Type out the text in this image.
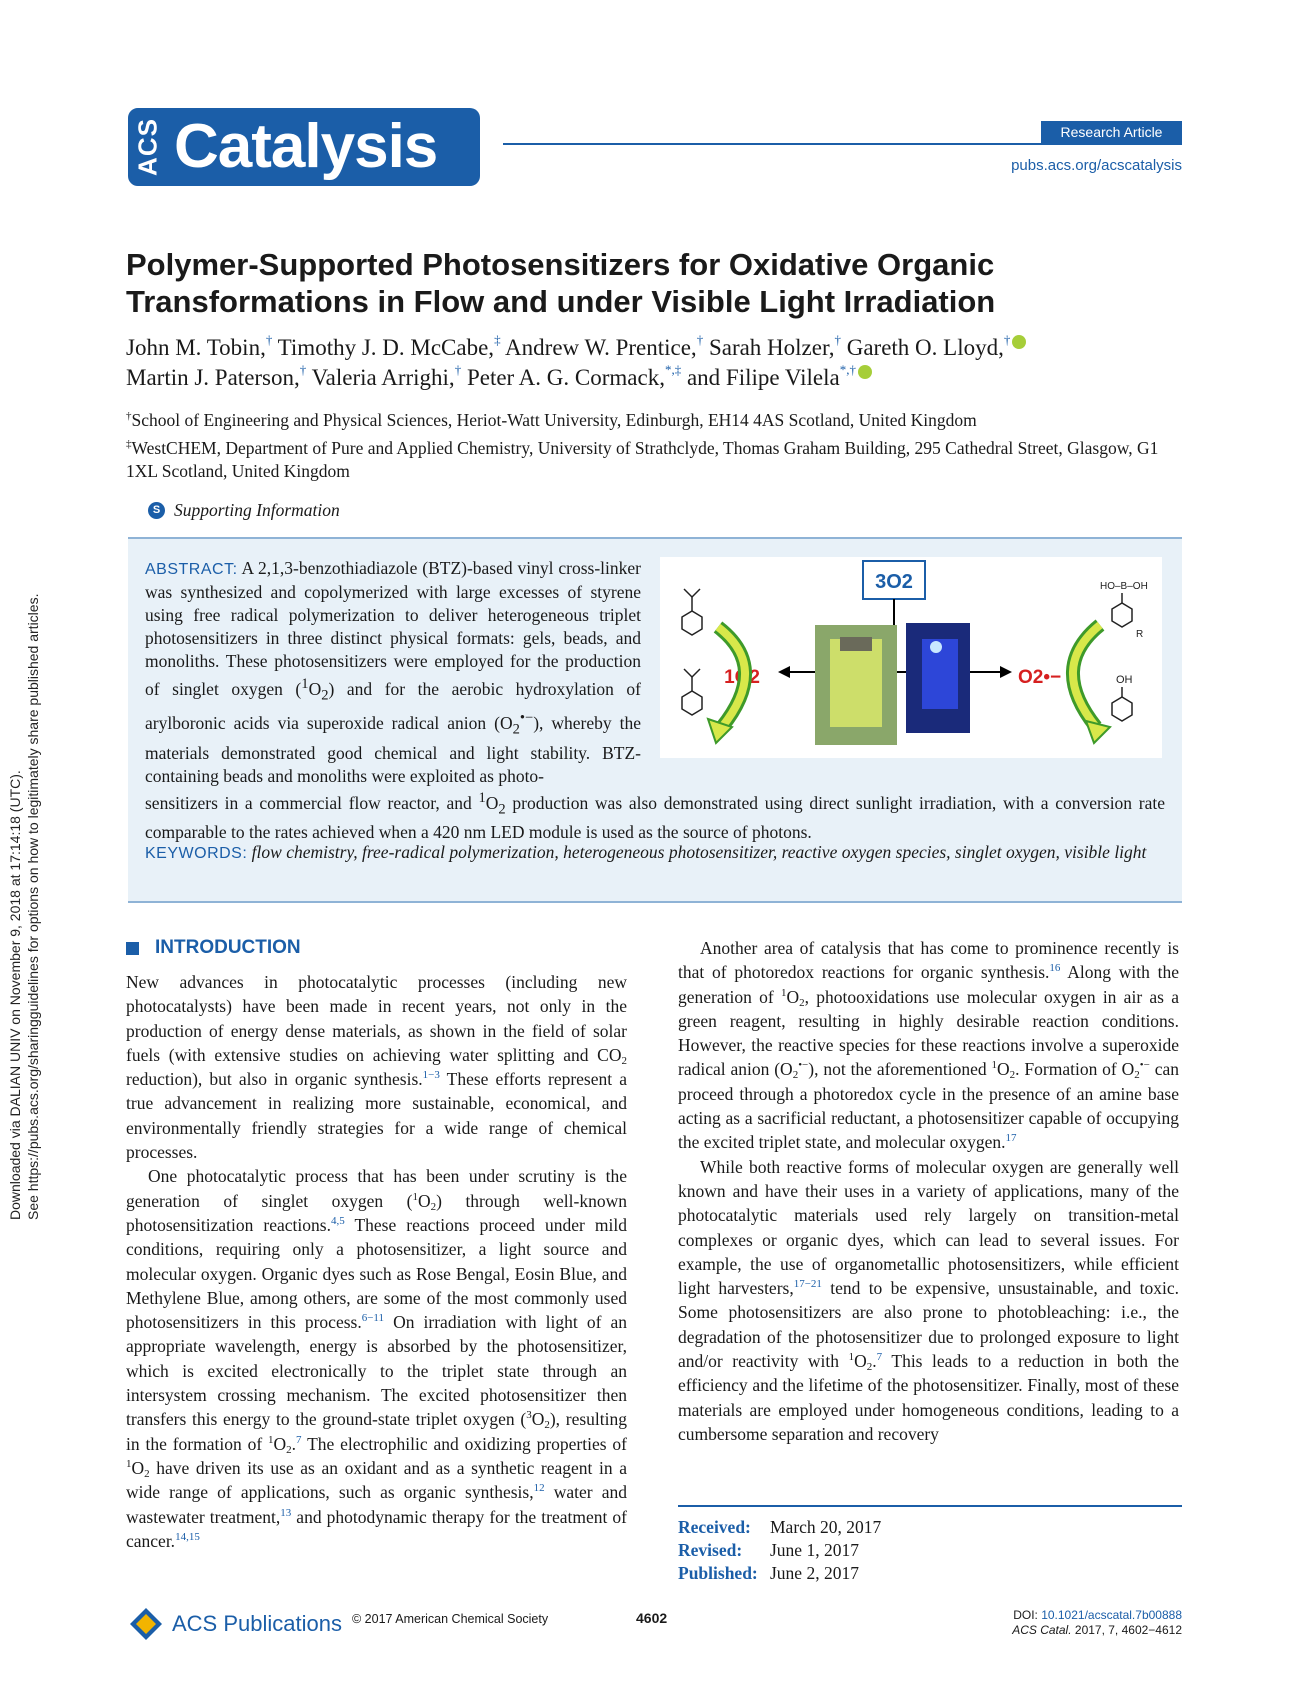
Downloaded via DALIAN UNIV on November 9, 2018 at 17:14:18 (UTC). See https://pubs.acs.org/sharingguidelines for options on how to legitimately share published articles.
ACS Catalysis	Research Article
pubs.acs.org/acscatalysis
Polymer-Supported Photosensitizers for Oxidative Organic Transformations in Flow and under Visible Light Irradiation
John M. Tobin,† Timothy J. D. McCabe,‡ Andrew W. Prentice,† Sarah Holzer,† Gareth O. Lloyd,†
Martin J. Paterson,† Valeria Arrighi,† Peter A. G. Cormack,*,‡ and Filipe Vilela*,†
†School of Engineering and Physical Sciences, Heriot-Watt University, Edinburgh, EH14 4AS Scotland, United Kingdom
‡WestCHEM, Department of Pure and Applied Chemistry, University of Strathclyde, Thomas Graham Building, 295 Cathedral Street, Glasgow, G1 1XL Scotland, United Kingdom
S Supporting Information
ABSTRACT: A 2,1,3-benzothiadiazole (BTZ)-based vinyl cross-linker was synthesized and copolymerized with large excesses of styrene using free radical polymerization to deliver heterogeneous triplet photosensitizers in three distinct physical formats: gels, beads, and monoliths. These photosensitizers were employed for the production of singlet oxygen $(^1O_2)$ and for the aerobic hydroxylation of arylboronic acids via superoxide radical anion $(O_2^{•-})$, whereby the materials demonstrated good chemical and light stability. BTZ-containing beads and monoliths were exploited as photo-
sensitizers in a commercial flow reactor, and $^1O_2$ production was also demonstrated using direct sunlight irradiation, with a conversion rate comparable to the rates achieved when a 420 nm LED module is used as the source of photons.
3O2
1O2	O2•−
HO–B–OH
R
OH
KEYWORDS: flow chemistry, free-radical polymerization, heterogeneous photosensitizer, reactive oxygen species, singlet oxygen, visible light
INTRODUCTION

New advances in photocatalytic processes (including new photocatalysts) have been made in recent years, not only in the production of energy dense materials, as shown in the field of solar fuels (with extensive studies on achieving water splitting and $CO_2$ reduction), but also in organic synthesis.$^{1-3}$ These efforts represent a true advancement in realizing more sustainable, economical, and environmentally friendly strategies for a wide range of chemical processes.

One photocatalytic process that has been under scrutiny is the generation of singlet oxygen $(^1O_2)$ through well-known photosensitization reactions.$^{4,5}$ These reactions proceed under mild conditions, requiring only a photosensitizer, a light source and molecular oxygen. Organic dyes such as Rose Bengal, Eosin Blue, and Methylene Blue, among others, are some of the most commonly used photosensitizers in this process.$^{6-11}$ On irradiation with light of an appropriate wavelength, energy is absorbed by the photosensitizer, which is excited electronically to the triplet state through an intersystem crossing mechanism. The excited photosensitizer then transfers this energy to the ground-state triplet oxygen $(^3O_2)$, resulting in the formation of $^1O_2.^7$ The electrophilic and oxidizing properties of $^1O_2$ have driven its use as an oxidant and as a synthetic reagent in a wide range of applications, such as organic synthesis,$^{12}$ water and wastewater treatment,$^{13}$ and photodynamic therapy for the treatment of cancer.$^{14,15}$

Another area of catalysis that has come to prominence recently is that of photoredox reactions for organic synthesis.$^{16}$ Along with the generation of $^1O_2$, photooxidations use molecular oxygen in air as a green reagent, resulting in highly desirable reaction conditions. However, the reactive species for these reactions involve a superoxide radical anion $(O_2^{•-})$, not the aforementioned $^1O_2$. Formation of $O_2^{•-}$ can proceed through a photoredox cycle in the presence of an amine base acting as a sacrificial reductant, a photosensitizer capable of occupying the excited triplet state, and molecular oxygen.$^{17}$

While both reactive forms of molecular oxygen are generally well known and have their uses in a variety of applications, many of the photocatalytic materials used rely largely on transition-metal complexes or organic dyes, which can lead to several issues. For example, the use of organometallic photosensitizers, while efficient light harvesters,$^{17-21}$ tend to be expensive, unsustainable, and toxic. Some photosensitizers are also prone to photobleaching: i.e., the degradation of the photosensitizer due to prolonged exposure to light and/or reactivity with $^1O_2.^7$ This leads to a reduction in both the efficiency and the lifetime of the photosensitizer. Finally, most of these materials are employed under homogeneous conditions, leading to a cumbersome separation and recovery

Received:	March 20, 2017
Revised:	June 1, 2017
Published: June 2, 2017
ACS Publications © 2017 American Chemical Society	4602	DOI: 10.1021/acscatal.7b00888
ACS Catal. 2017, 7, 4602−4612
